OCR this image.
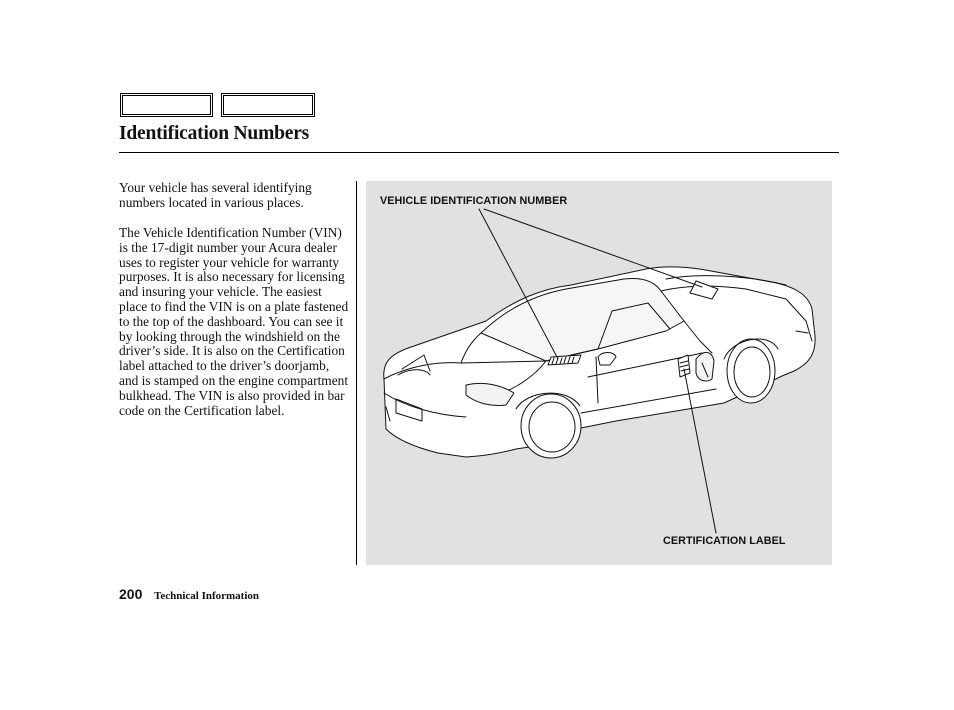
Identification Numbers

Your vehicle has several identifying numbers located in various places.

The Vehicle Identification Number (VIN) is the 17-digit number your Acura dealer uses to register your vehicle for warranty purposes. It is also necessary for licensing and insuring your vehicle. The easiest place to find the VIN is on a plate fastened to the top of the dashboard. You can see it by looking through the windshield on the driver’s side. It is also on the Certification label attached to the driver’s doorjamb, and is stamped on the engine compartment bulkhead. The VIN is also provided in bar code on the Certification label.

VEHICLE IDENTIFICATION NUMBER
CERTIFICATION LABEL
200 Technical Information
